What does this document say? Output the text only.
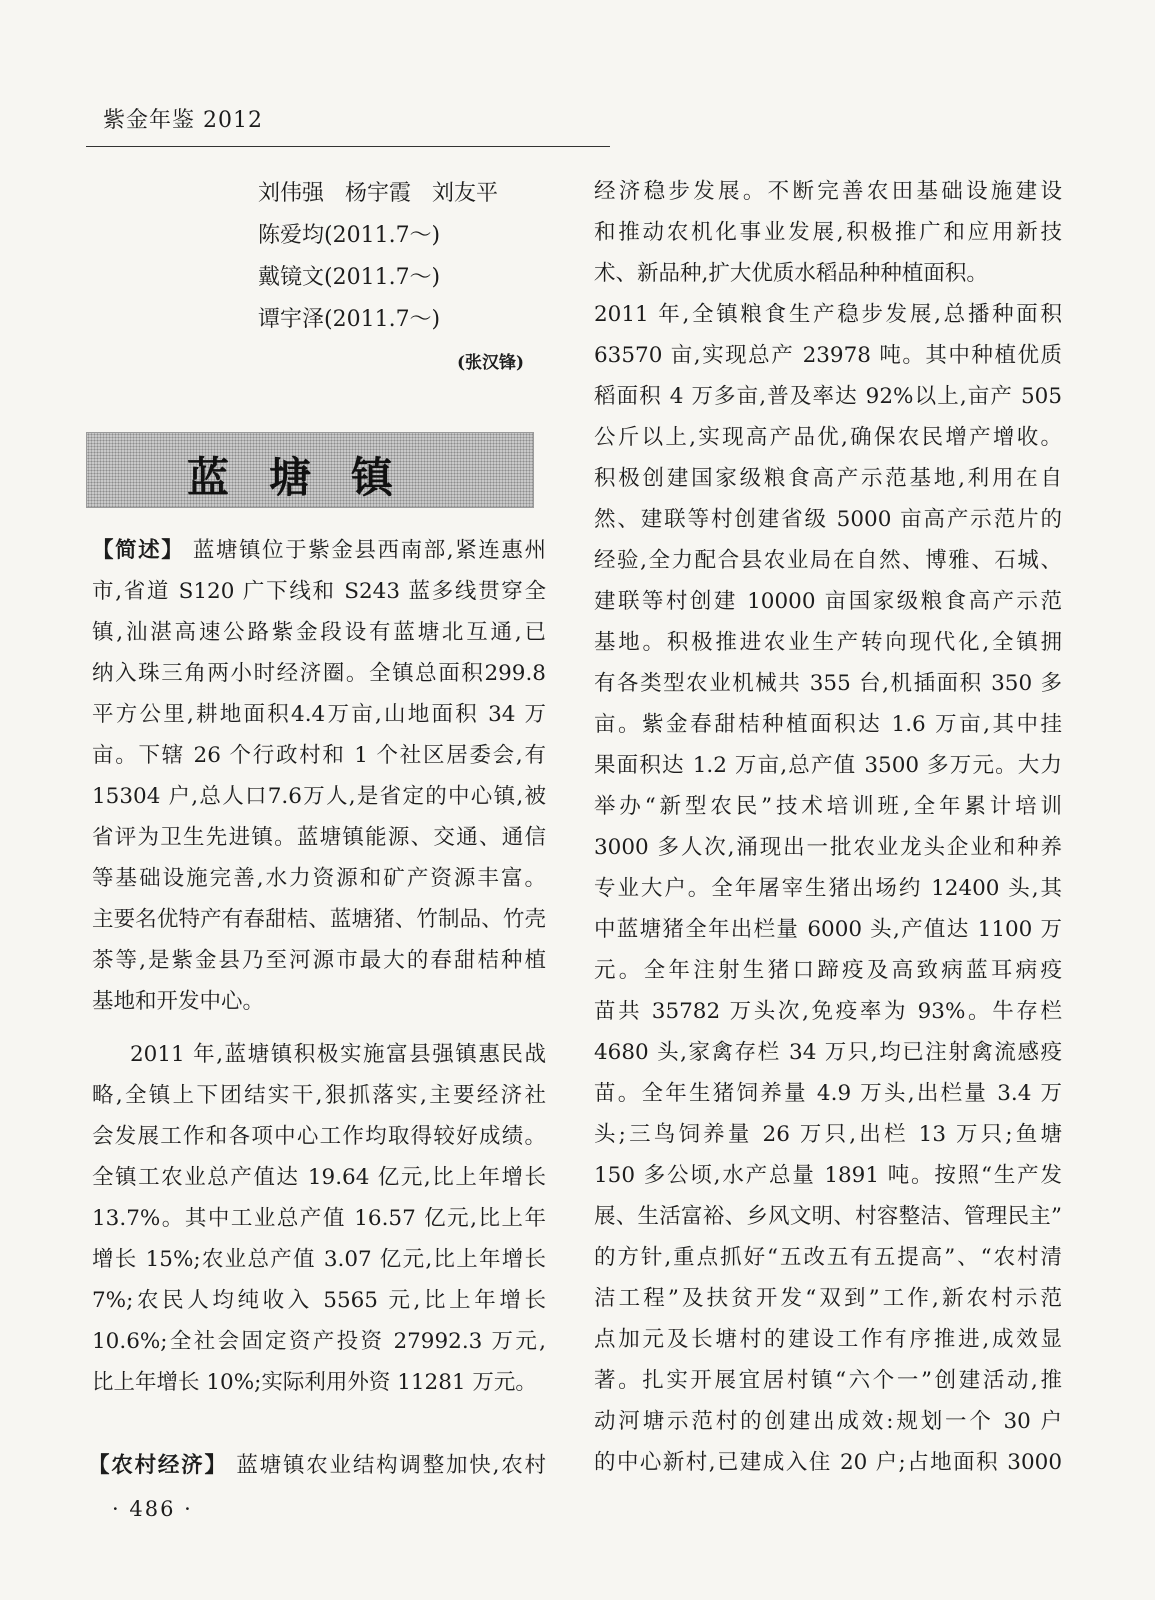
紫金年鉴 2012
刘伟强   杨宇霞   刘友平
陈爱均(2011.7～)
戴镜文(2011.7～)
谭宇泽(2011.7～)
(张汉锋)
蓝塘镇
【简述】 蓝塘镇位于紫金县西南部,紧连惠州
市,省道 S120 广下线和 S243 蓝多线贯穿全
镇,汕湛高速公路紫金段设有蓝塘北互通,已
纳入珠三角两小时经济圈。全镇总面积299.8
平方公里,耕地面积4.4万亩,山地面积 34 万
亩。下辖 26 个行政村和 1 个社区居委会,有
15304 户,总人口7.6万人,是省定的中心镇,被
省评为卫生先进镇。蓝塘镇能源、交通、通信
等基础设施完善,水力资源和矿产资源丰富。
主要名优特产有春甜桔、蓝塘猪、竹制品、竹壳
茶等,是紫金县乃至河源市最大的春甜桔种植
基地和开发中心。
2011 年,蓝塘镇积极实施富县强镇惠民战
略,全镇上下团结实干,狠抓落实,主要经济社
会发展工作和各项中心工作均取得较好成绩。
全镇工农业总产值达 19.64 亿元,比上年增长
13.7%。其中工业总产值 16.57 亿元,比上年
增长 15%;农业总产值 3.07 亿元,比上年增长
7%;农民人均纯收入 5565 元,比上年增长
10.6%;全社会固定资产投资 27992.3 万元,
比上年增长 10%;实际利用外资 11281 万元。
【农村经济】 蓝塘镇农业结构调整加快,农村
经济稳步发展。不断完善农田基础设施建设
和推动农机化事业发展,积极推广和应用新技
术、新品种,扩大优质水稻品种种植面积。
2011 年,全镇粮食生产稳步发展,总播种面积
63570 亩,实现总产 23978 吨。其中种植优质
稻面积 4 万多亩,普及率达 92%以上,亩产 505
公斤以上,实现高产品优,确保农民增产增收。
积极创建国家级粮食高产示范基地,利用在自
然、建联等村创建省级 5000 亩高产示范片的
经验,全力配合县农业局在自然、博雅、石城、
建联等村创建 10000 亩国家级粮食高产示范
基地。积极推进农业生产转向现代化,全镇拥
有各类型农业机械共 355 台,机插面积 350 多
亩。紫金春甜桔种植面积达 1.6 万亩,其中挂
果面积达 1.2 万亩,总产值 3500 多万元。大力
举办“新型农民”技术培训班,全年累计培训
3000 多人次,涌现出一批农业龙头企业和种养
专业大户。全年屠宰生猪出场约 12400 头,其
中蓝塘猪全年出栏量 6000 头,产值达 1100 万
元。全年注射生猪口蹄疫及高致病蓝耳病疫
苗共 35782 万头次,免疫率为 93%。牛存栏
4680 头,家禽存栏 34 万只,均已注射禽流感疫
苗。全年生猪饲养量 4.9 万头,出栏量 3.4 万
头;三鸟饲养量 26 万只,出栏 13 万只;鱼塘
150 多公顷,水产总量 1891 吨。按照“生产发
展、生活富裕、乡风文明、村容整洁、管理民主”
的方针,重点抓好“五改五有五提高”、“农村清
洁工程”及扶贫开发“双到”工作,新农村示范
点加元及长塘村的建设工作有序推进,成效显
著。扎实开展宜居村镇“六个一”创建活动,推
动河塘示范村的创建出成效:规划一个 30 户
的中心新村,已建成入住 20 户;占地面积 3000
· 486 ·
